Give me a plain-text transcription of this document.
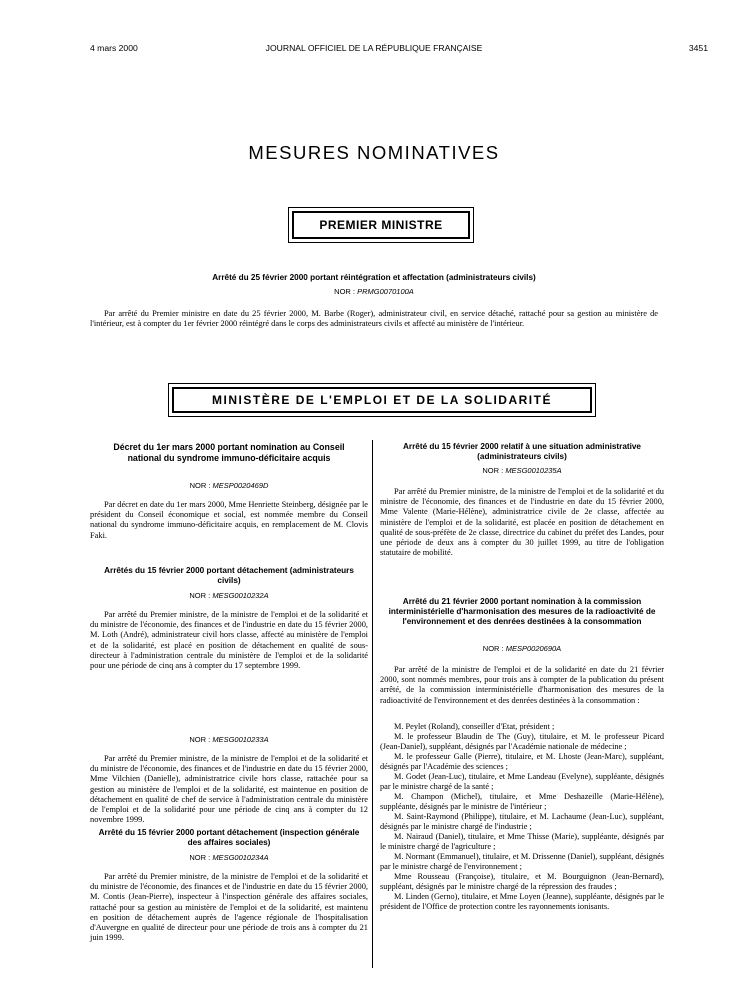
4 mars 2000	JOURNAL OFFICIEL DE LA RÉPUBLIQUE FRANÇAISE	3451
MESURES NOMINATIVES
PREMIER MINISTRE
Arrêté du 25 février 2000 portant réintégration et affectation (administrateurs civils)
NOR : PRMG0070100A

Par arrêté du Premier ministre en date du 25 février 2000, M. Barbe (Roger), administrateur civil, en service détaché, rattaché pour sa gestion au ministère de l'intérieur, est à compter du 1er février 2000 réintégré dans le corps des administrateurs civils et affecté au ministère de l'intérieur.

MINISTÈRE DE L'EMPLOI ET DE LA SOLIDARITÉ
Décret du 1er mars 2000 portant nomination au Conseil national du syndrome immuno-déficitaire acquis
NOR : MESP0020469D

Par décret en date du 1er mars 2000, Mme Henriette Steinberg, désignée par le président du Conseil économique et social, est nommée membre du Conseil national du syndrome immuno-déficitaire acquis, en remplacement de M. Clovis Faki.

Arrêtés du 15 février 2000 portant détachement (administrateurs civils)
NOR : MESG0010232A

Par arrêté du Premier ministre, de la ministre de l'emploi et de la solidarité et du ministre de l'économie, des finances et de l'industrie en date du 15 février 2000, M. Loth (André), administrateur civil hors classe, affecté au ministère de l'emploi et de la solidarité, est placé en position de détachement en qualité de sous-directeur à l'administration centrale du ministère de l'emploi et de la solidarité pour une période de cinq ans à compter du 17 septembre 1999.

NOR : MESG0010233A

Par arrêté du Premier ministre, de la ministre de l'emploi et de la solidarité et du ministre de l'économie, des finances et de l'industrie en date du 15 février 2000, Mme Vilchien (Danielle), administratrice civile hors classe, rattachée pour sa gestion au ministère de l'emploi et de la solidarité, est maintenue en position de détachement en qualité de chef de service à l'administration centrale du ministère de l'emploi et de la solidarité pour une période de cinq ans à compter du 12 novembre 1999.

Arrêté du 15 février 2000 portant détachement (inspection générale des affaires sociales)
NOR : MESG0010234A

Par arrêté du Premier ministre, de la ministre de l'emploi et de la solidarité et du ministre de l'économie, des finances et de l'industrie en date du 15 février 2000, M. Contis (Jean-Pierre), inspecteur à l'inspection générale des affaires sociales, rattaché pour sa gestion au ministère de l'emploi et de la solidarité, est maintenu en position de détachement auprès de l'agence régionale de l'hospitalisation d'Auvergne en qualité de directeur pour une période de trois ans à compter du 21 juin 1999.

Arrêté du 15 février 2000 relatif à une situation administrative (administrateurs civils)
NOR : MESG0010235A

Par arrêté du Premier ministre, de la ministre de l'emploi et de la solidarité et du ministre de l'économie, des finances et de l'industrie en date du 15 février 2000, Mme Valente (Marie-Hélène), administratrice civile de 2e classe, affectée au ministère de l'emploi et de la solidarité, est placée en position de détachement en qualité de sous-préfète de 2e classe, directrice du cabinet du préfet des Landes, pour une période de deux ans à compter du 30 juillet 1999, au titre de l'obligation statutaire de mobilité.

Arrêté du 21 février 2000 portant nomination à la commission interministérielle d'harmonisation des mesures de la radioactivité de l'environnement et des denrées destinées à la consommation
NOR : MESP0020690A

Par arrêté de la ministre de l'emploi et de la solidarité en date du 21 février 2000, sont nommés membres, pour trois ans à compter de la publication du présent arrêté, de la commission interministérielle d'harmonisation des mesures de la radioactivité de l'environnement et des denrées destinées à la consommation :

M. Peylet (Roland), conseiller d'Etat, président ;

M. le professeur Blaudin de The (Guy), titulaire, et M. le professeur Picard (Jean-Daniel), suppléant, désignés par l'Académie nationale de médecine ;

M. le professeur Galle (Pierre), titulaire, et M. Lhoste (Jean-Marc), suppléant, désignés par l'Académie des sciences ;

M. Godet (Jean-Luc), titulaire, et Mme Landeau (Evelyne), suppléante, désignés par le ministre chargé de la santé ;

M. Champon (Michel), titulaire, et Mme Deshazeille (Marie-Hélène), suppléante, désignés par le ministre de l'intérieur ;

M. Saint-Raymond (Philippe), titulaire, et M. Lachaume (Jean-Luc), suppléant, désignés par le ministre chargé de l'industrie ;

M. Nairaud (Daniel), titulaire, et Mme Thisse (Marie), suppléante, désignés par le ministre chargé de l'agriculture ;

M. Normant (Emmanuel), titulaire, et M. Drissenne (Daniel), suppléant, désignés par le ministre chargé de l'environnement ;

Mme Rousseau (Françoise), titulaire, et M. Bourguignon (Jean-Bernard), suppléant, désignés par le ministre chargé de la répression des fraudes ;

M. Linden (Gerno), titulaire, et Mme Loyen (Jeanne), suppléante, désignés par le président de l'Office de protection contre les rayonnements ionisants.
